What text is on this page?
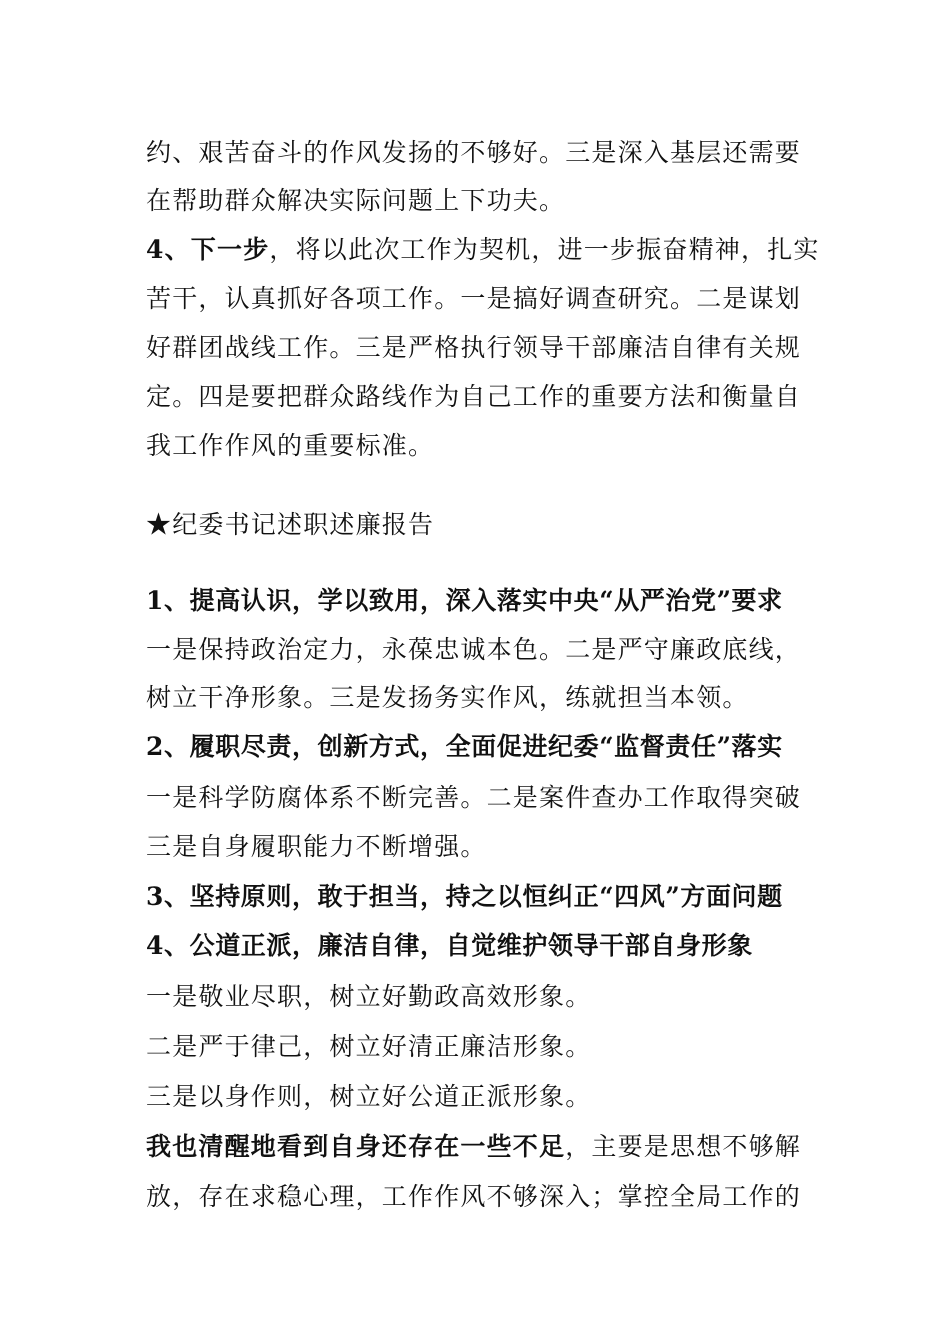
约、艰苦奋斗的作风发扬的不够好。三是深入基层还需要
在帮助群众解决实际问题上下功夫。
4、下一步，将以此次工作为契机，进一步振奋精神，扎实
苦干，认真抓好各项工作。一是搞好调查研究。二是谋划
好群团战线工作。三是严格执行领导干部廉洁自律有关规
定。四是要把群众路线作为自己工作的重要方法和衡量自
我工作作风的重要标准。
★纪委书记述职述廉报告
1、提高认识，学以致用，深入落实中央“从严治党”要求
一是保持政治定力，永葆忠诚本色。二是严守廉政底线，
树立干净形象。三是发扬务实作风，练就担当本领。
2、履职尽责，创新方式，全面促进纪委“监督责任”落实
一是科学防腐体系不断完善。二是案件查办工作取得突破
三是自身履职能力不断增强。
3、坚持原则，敢于担当，持之以恒纠正“四风”方面问题
4、公道正派，廉洁自律，自觉维护领导干部自身形象
一是敬业尽职，树立好勤政高效形象。
二是严于律己，树立好清正廉洁形象。
三是以身作则，树立好公道正派形象。
我也清醒地看到自身还存在一些不足，主要是思想不够解
放，存在求稳心理，工作作风不够深入；掌控全局工作的
